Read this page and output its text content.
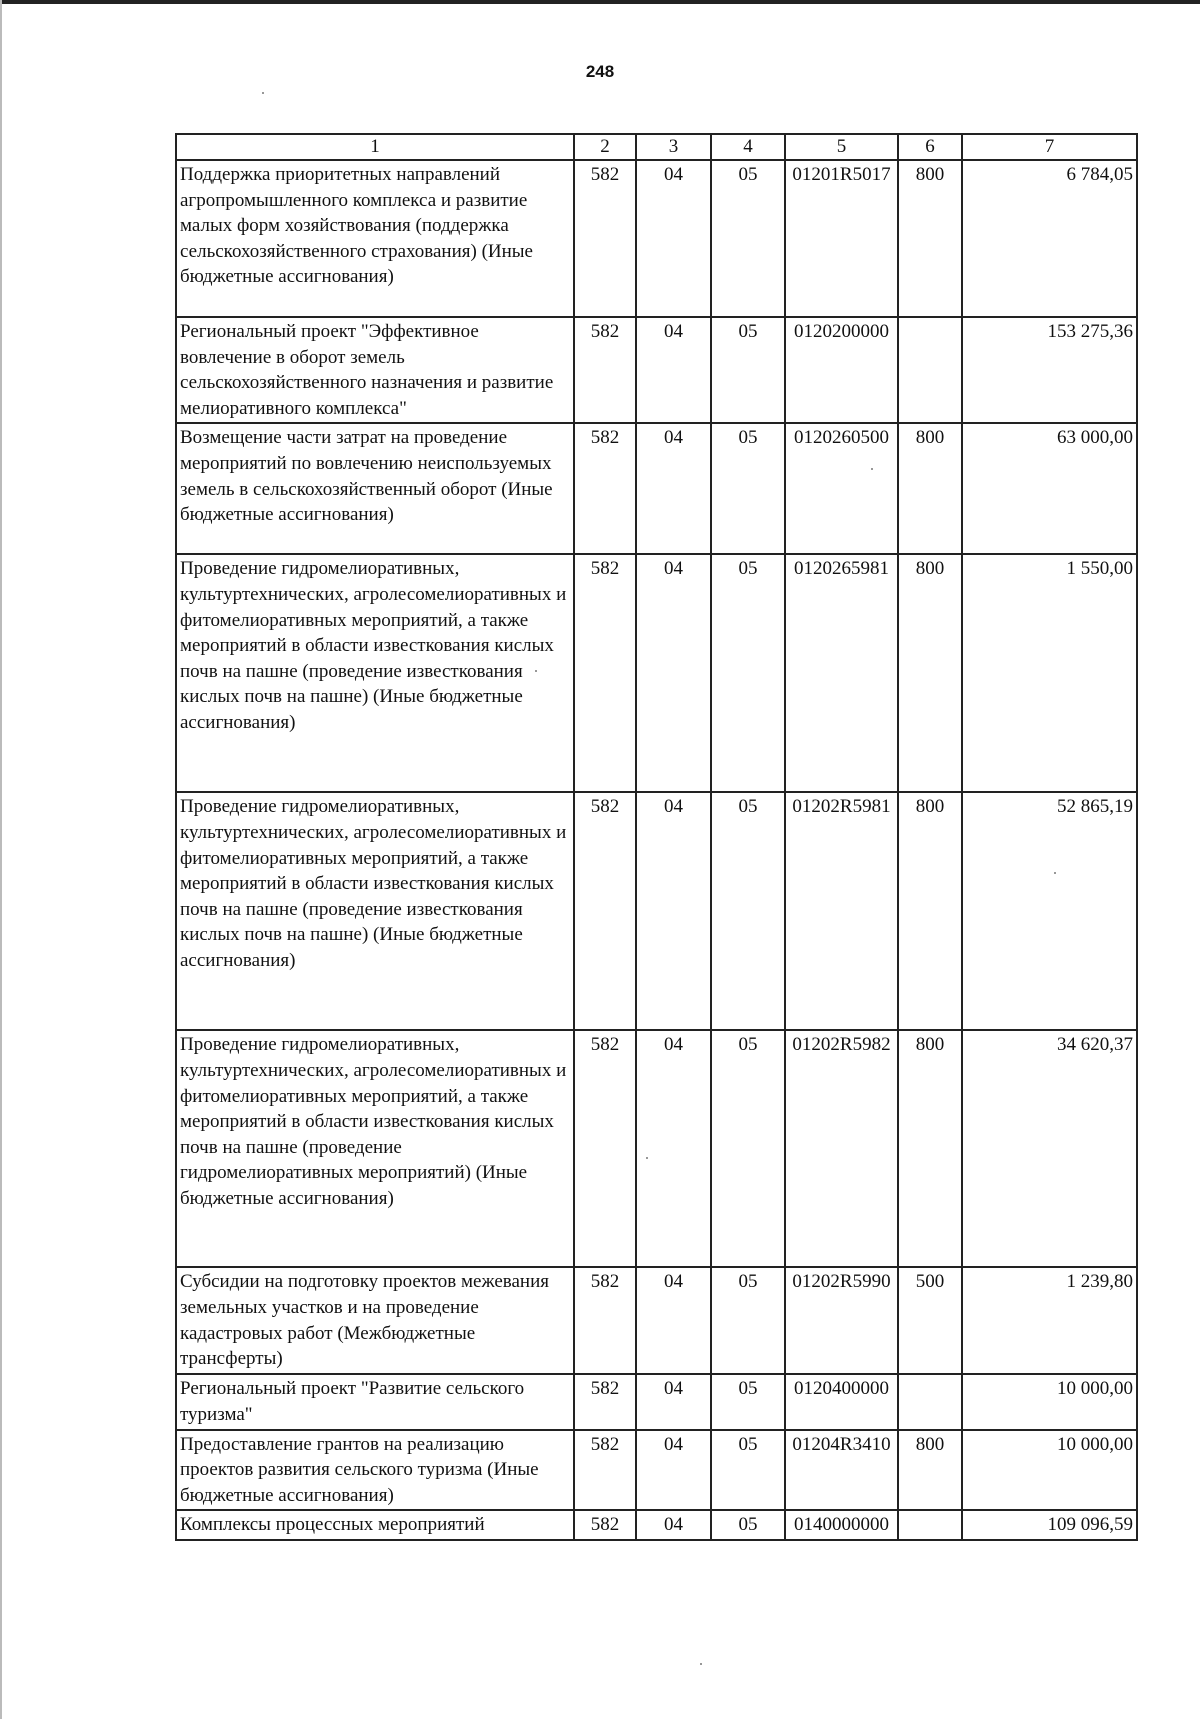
248
1	2	3	4	5	6	7
Поддержка приоритетных направлений агропромышленного комплекса и развитие малых форм хозяйствования (поддержка сельскохозяйственного страхования) (Иные бюджетные ассигнования)	582	04	05	01201R5017	800	6 784,05
Региональный проект "Эффективное вовлечение в оборот земель сельскохозяйственного назначения и развитие мелиоративного комплекса"	582	04	05	0120200000		153 275,36
Возмещение части затрат на проведение мероприятий по вовлечению неиспользуемых земель в сельскохозяйственный оборот (Иные бюджетные ассигнования)	582	04	05	0120260500	800	63 000,00
Проведение гидромелиоративных, культуртехнических, агролесомелиоративных и фитомелиоративных мероприятий, а также мероприятий в области известкования кислых почв на пашне (проведение известкования кислых почв на пашне) (Иные бюджетные ассигнования)	582	04	05	0120265981	800	1 550,00
Проведение гидромелиоративных, культуртехнических, агролесомелиоративных и фитомелиоративных мероприятий, а также мероприятий в области известкования кислых почв на пашне (проведение известкования кислых почв на пашне) (Иные бюджетные ассигнования)	582	04	05	01202R5981	800	52 865,19
Проведение гидромелиоративных, культуртехнических, агролесомелиоративных и фитомелиоративных мероприятий, а также мероприятий в области известкования кислых почв на пашне (проведение гидромелиоративных мероприятий) (Иные бюджетные ассигнования)	582	04	05	01202R5982	800	34 620,37
Субсидии на подготовку проектов межевания земельных участков и на проведение кадастровых работ (Межбюджетные трансферты)	582	04	05	01202R5990	500	1 239,80
Региональный проект "Развитие сельского туризма"	582	04	05	0120400000		10 000,00
Предоставление грантов на реализацию проектов развития сельского туризма (Иные бюджетные ассигнования)	582	04	05	01204R3410	800	10 000,00
Комплексы процессных мероприятий	582	04	05	0140000000		109 096,59
